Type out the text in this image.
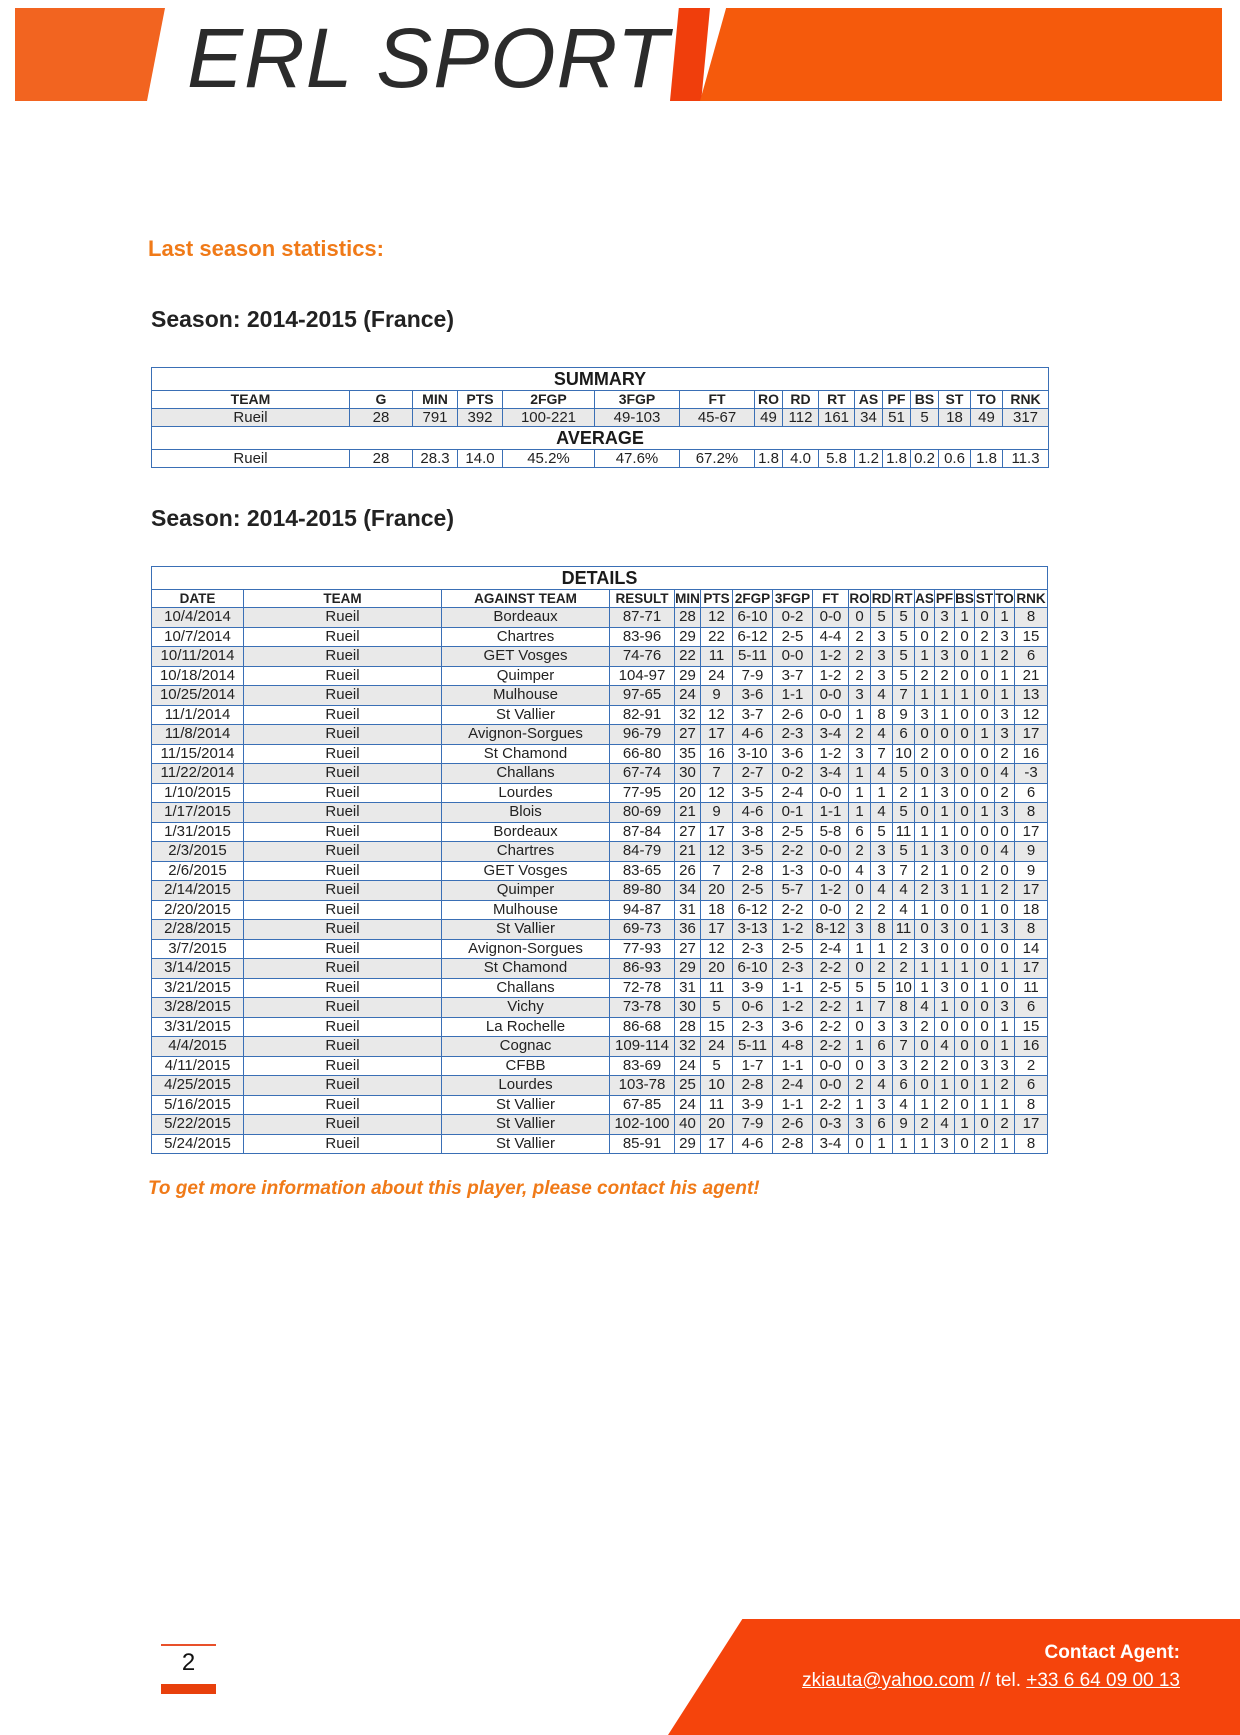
ERL SPORT
Last season statistics:
Season: 2014-2015 (France)
SUMMARY															
TEAM	G	MIN	PTS	2FGP	3FGP	FT	RO	RD	RT	AS	PF	BS	ST	TO	RNK
Rueil	28	791	392	100-221	49-103	45-67	49	112	161	34	51	5	18	49	317
AVERAGE															
Rueil	28	28.3	14.0	45.2%	47.6%	67.2%	1.8	4.0	5.8	1.2	1.8	0.2	0.6	1.8	11.3
Season: 2014-2015 (France)
DETAILS																	
DATE	TEAM	AGAINST TEAM	RESULT	MIN	PTS	2FGP	3FGP	FT	RO	RD	RT	AS	PF	BS	ST	TO	RNK
10/4/2014	Rueil	Bordeaux	87-71	28	12	6-10	0-2	0-0	0	5	5	0	3	1	0	1	8
10/7/2014	Rueil	Chartres	83-96	29	22	6-12	2-5	4-4	2	3	5	0	2	0	2	3	15
10/11/2014	Rueil	GET Vosges	74-76	22	11	5-11	0-0	1-2	2	3	5	1	3	0	1	2	6
10/18/2014	Rueil	Quimper	104-97	29	24	7-9	3-7	1-2	2	3	5	2	2	0	0	1	21
10/25/2014	Rueil	Mulhouse	97-65	24	9	3-6	1-1	0-0	3	4	7	1	1	1	0	1	13
11/1/2014	Rueil	St Vallier	82-91	32	12	3-7	2-6	0-0	1	8	9	3	1	0	0	3	12
11/8/2014	Rueil	Avignon-Sorgues	96-79	27	17	4-6	2-3	3-4	2	4	6	0	0	0	1	3	17
11/15/2014	Rueil	St Chamond	66-80	35	16	3-10	3-6	1-2	3	7	10	2	0	0	0	2	16
11/22/2014	Rueil	Challans	67-74	30	7	2-7	0-2	3-4	1	4	5	0	3	0	0	4	-3
1/10/2015	Rueil	Lourdes	77-95	20	12	3-5	2-4	0-0	1	1	2	1	3	0	0	2	6
1/17/2015	Rueil	Blois	80-69	21	9	4-6	0-1	1-1	1	4	5	0	1	0	1	3	8
1/31/2015	Rueil	Bordeaux	87-84	27	17	3-8	2-5	5-8	6	5	11	1	1	0	0	0	17
2/3/2015	Rueil	Chartres	84-79	21	12	3-5	2-2	0-0	2	3	5	1	3	0	0	4	9
2/6/2015	Rueil	GET Vosges	83-65	26	7	2-8	1-3	0-0	4	3	7	2	1	0	2	0	9
2/14/2015	Rueil	Quimper	89-80	34	20	2-5	5-7	1-2	0	4	4	2	3	1	1	2	17
2/20/2015	Rueil	Mulhouse	94-87	31	18	6-12	2-2	0-0	2	2	4	1	0	0	1	0	18
2/28/2015	Rueil	St Vallier	69-73	36	17	3-13	1-2	8-12	3	8	11	0	3	0	1	3	8
3/7/2015	Rueil	Avignon-Sorgues	77-93	27	12	2-3	2-5	2-4	1	1	2	3	0	0	0	0	14
3/14/2015	Rueil	St Chamond	86-93	29	20	6-10	2-3	2-2	0	2	2	1	1	1	0	1	17
3/21/2015	Rueil	Challans	72-78	31	11	3-9	1-1	2-5	5	5	10	1	3	0	1	0	11
3/28/2015	Rueil	Vichy	73-78	30	5	0-6	1-2	2-2	1	7	8	4	1	0	0	3	6
3/31/2015	Rueil	La Rochelle	86-68	28	15	2-3	3-6	2-2	0	3	3	2	0	0	0	1	15
4/4/2015	Rueil	Cognac	109-114	32	24	5-11	4-8	2-2	1	6	7	0	4	0	0	1	16
4/11/2015	Rueil	CFBB	83-69	24	5	1-7	1-1	0-0	0	3	3	2	2	0	3	3	2
4/25/2015	Rueil	Lourdes	103-78	25	10	2-8	2-4	0-0	2	4	6	0	1	0	1	2	6
5/16/2015	Rueil	St Vallier	67-85	24	11	3-9	1-1	2-2	1	3	4	1	2	0	1	1	8
5/22/2015	Rueil	St Vallier	102-100	40	20	7-9	2-6	0-3	3	6	9	2	4	1	0	2	17
5/24/2015	Rueil	St Vallier	85-91	29	17	4-6	2-8	3-4	0	1	1	1	3	0	2	1	8
To get more information about this player, please contact his agent!
2	Contact Agent:
zkiauta@yahoo.com // tel. +33 6 64 09 00 13
